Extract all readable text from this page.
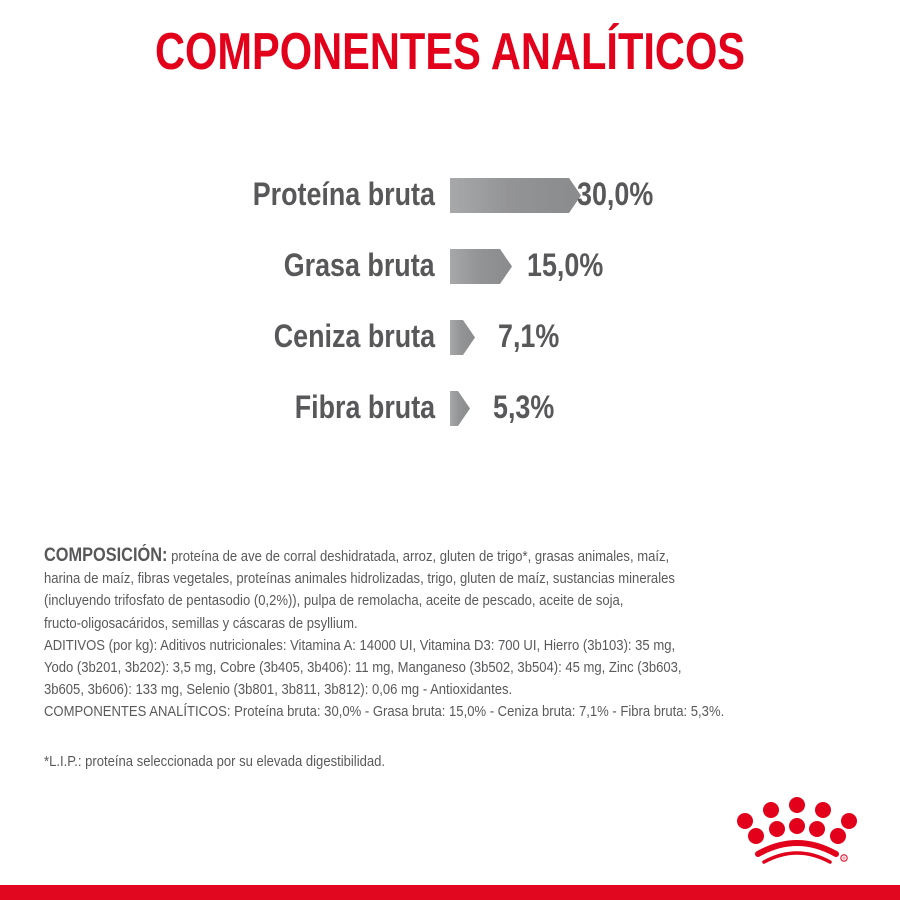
COMPONENTES ANALÍTICOS
Proteína bruta	30,0%
Grasa bruta	15,0%
Ceniza bruta 7,1%
Fibra bruta 5,3%

COMPOSICIÓN: proteína de ave de corral deshidratada, arroz, gluten de trigo*, grasas animales, maíz,

harina de maíz, fibras vegetales, proteínas animales hidrolizadas, trigo, gluten de maíz, sustancias minerales

(incluyendo trifosfato de pentasodio (0,2%)), pulpa de remolacha, aceite de pescado, aceite de soja,

fructo-oligosacáridos, semillas y cáscaras de psyllium.

ADITIVOS (por kg): Aditivos nutricionales: Vitamina A: 14000 UI, Vitamina D3: 700 UI, Hierro (3b103): 35 mg,

Yodo (3b201, 3b202): 3,5 mg, Cobre (3b405, 3b406): 11 mg, Manganeso (3b502, 3b504): 45 mg, Zinc (3b603,

3b605, 3b606): 133 mg, Selenio (3b801, 3b811, 3b812): 0,06 mg - Antioxidantes.

COMPONENTES ANALÍTICOS: Proteína bruta: 30,0% - Grasa bruta: 15,0% - Ceniza bruta: 7,1% - Fibra bruta: 5,3%.

*L.I.P.: proteína seleccionada por su elevada digestibilidad.
®
